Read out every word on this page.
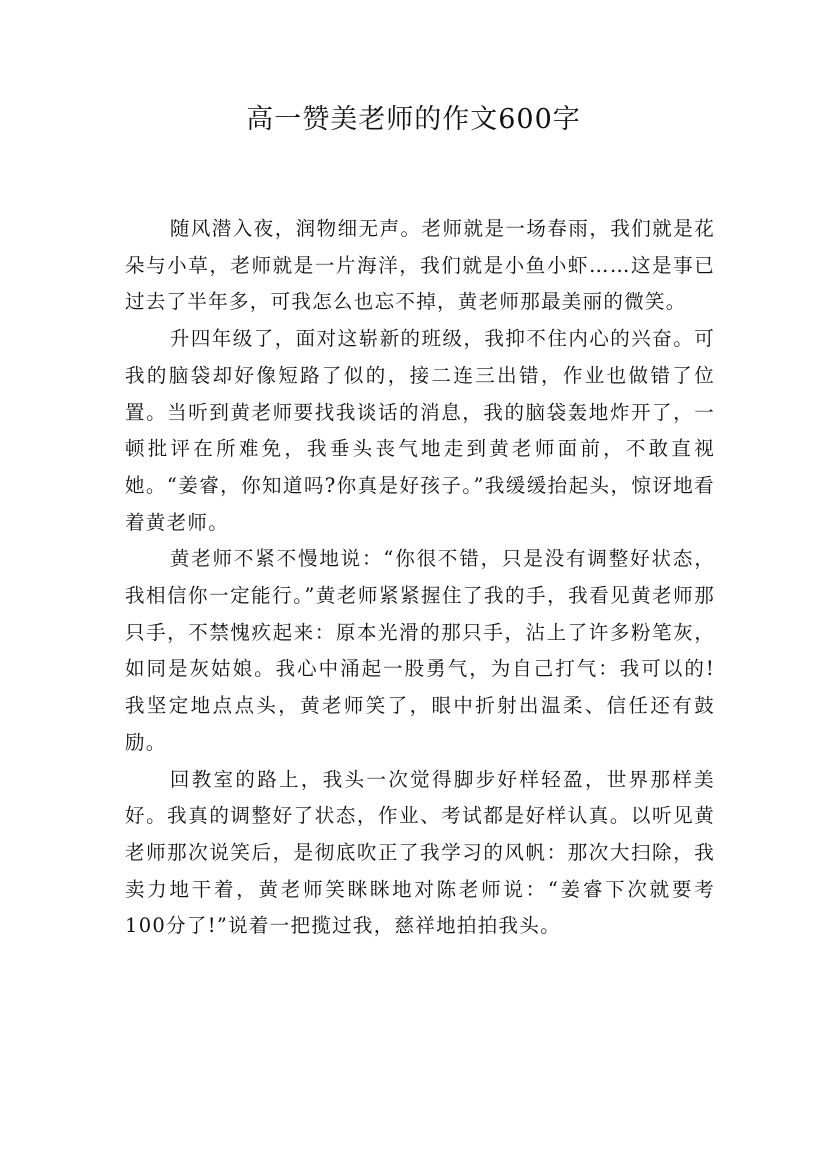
高一赞美老师的作文600字

随风潜入夜，润物细无声。老师就是一场春雨，我们就是花朵与小草，老师就是一片海洋，我们就是小鱼小虾……这是事已过去了半年多，可我怎么也忘不掉，黄老师那最美丽的微笑。

升四年级了，面对这崭新的班级，我抑不住内心的兴奋。可我的脑袋却好像短路了似的，接二连三出错，作业也做错了位置。当听到黄老师要找我谈话的消息，我的脑袋轰地炸开了，一顿批评在所难免，我垂头丧气地走到黄老师面前，不敢直视她。“姜睿，你知道吗?你真是好孩子。”我缓缓抬起头，惊讶地看着黄老师。

黄老师不紧不慢地说：“你很不错，只是没有调整好状态，我相信你一定能行。”黄老师紧紧握住了我的手，我看见黄老师那只手，不禁愧疚起来：原本光滑的那只手，沾上了许多粉笔灰，如同是灰姑娘。我心中涌起一股勇气，为自己打气：我可以的!我坚定地点点头，黄老师笑了，眼中折射出温柔、信任还有鼓励。

回教室的路上，我头一次觉得脚步好样轻盈，世界那样美好。我真的调整好了状态，作业、考试都是好样认真。以听见黄老师那次说笑后，是彻底吹正了我学习的风帆：那次大扫除，我卖力地干着，黄老师笑眯眯地对陈老师说：“姜睿下次就要考100分了!”说着一把揽过我，慈祥地拍拍我头。
